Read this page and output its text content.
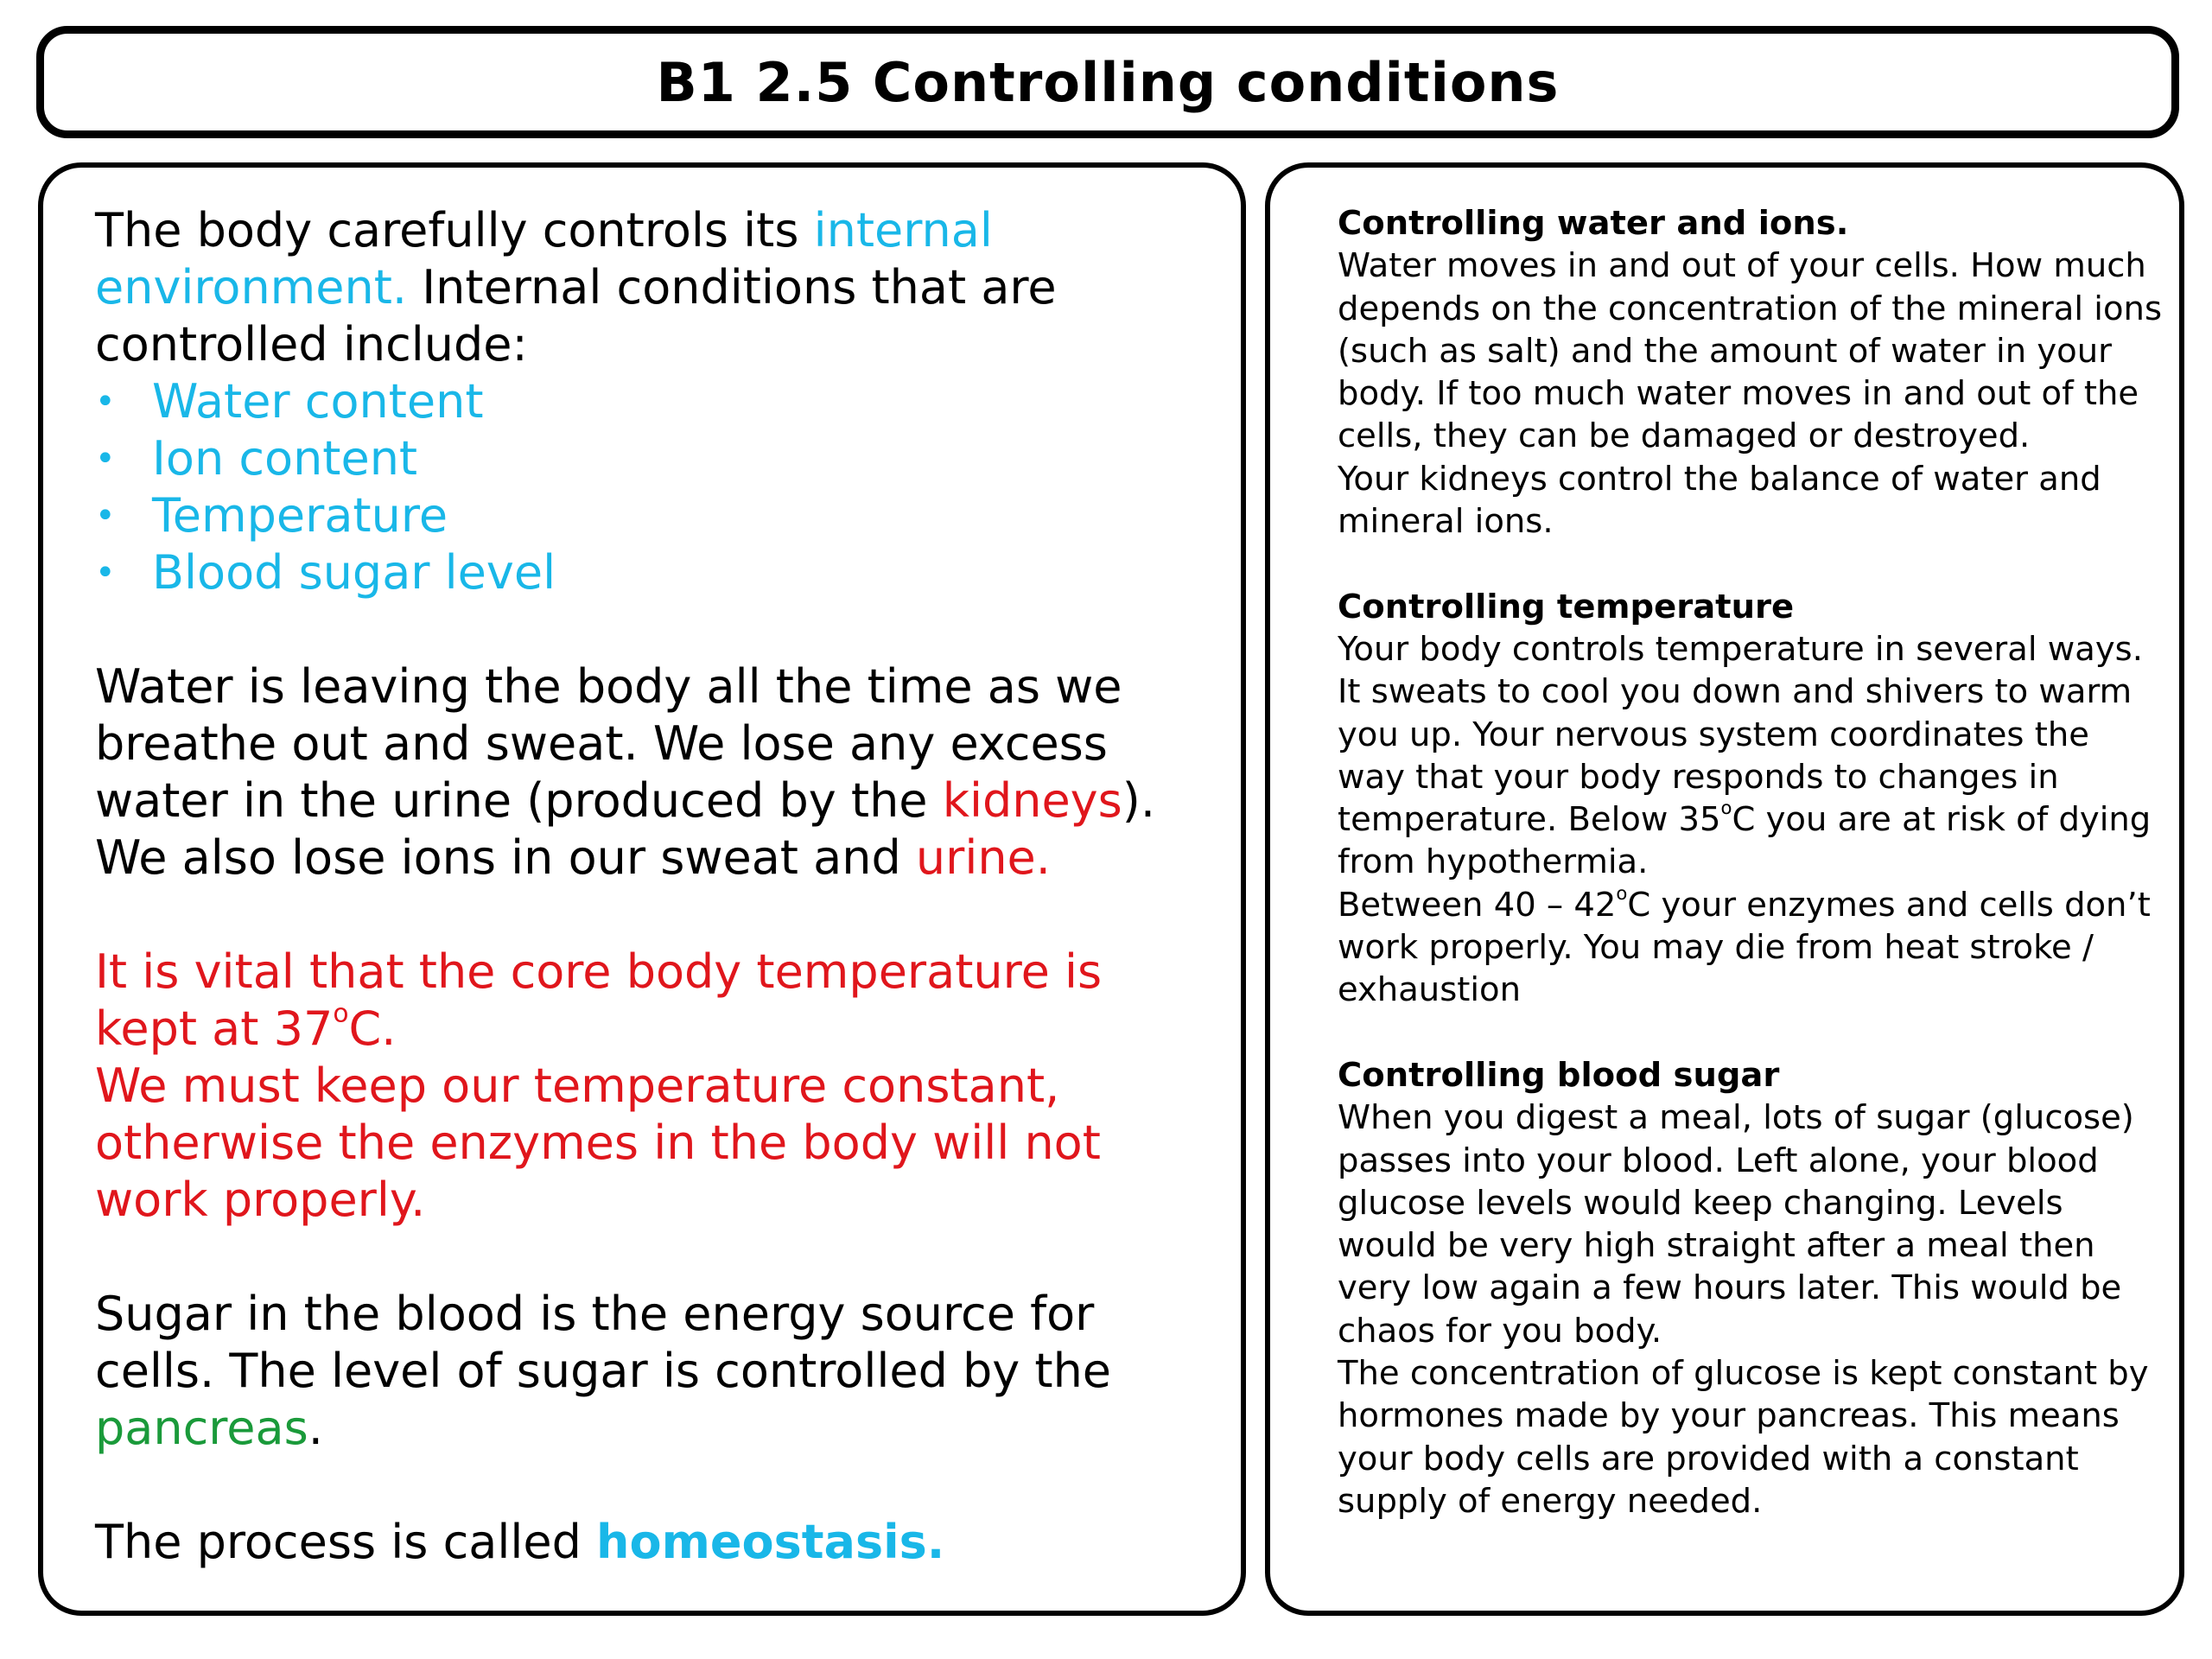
B1 2.5 Controlling conditions

The body carefully controls its internal environment. Internal conditions that are controlled include:

• Water content
• Ion content
• Temperature
• Blood sugar level

Water is leaving the body all the time as we breathe out and sweat. We lose any excess water in the urine (produced by the kidneys). We also lose ions in our sweat and urine.

It is vital that the core body temperature is kept at 37$^o$C.

We must keep our temperature constant, otherwise the enzymes in the body will not work properly.

Sugar in the blood is the energy source for cells. The level of sugar is controlled by the pancreas.

The process is called homeostasis.

Controlling water and ions.

Water moves in and out of your cells. How much depends on the concentration of the mineral ions (such as salt) and the amount of water in your body. If too much water moves in and out of the cells, they can be damaged or destroyed.

Your kidneys control the balance of water and mineral ions.

Controlling temperature

Your body controls temperature in several ways. It sweats to cool you down and shivers to warm you up. Your nervous system coordinates the way that your body responds to changes in temperature. Below 35$^o$C you are at risk of dying from hypothermia.

Between 40 – 42$^o$C your enzymes and cells don’t work properly. You may die from heat stroke / exhaustion

Controlling blood sugar

When you digest a meal, lots of sugar (glucose) passes into your blood. Left alone, your blood glucose levels would keep changing. Levels would be very high straight after a meal then very low again a few hours later. This would be chaos for you body.

The concentration of glucose is kept constant by hormones made by your pancreas. This means your body cells are provided with a constant supply of energy needed.
